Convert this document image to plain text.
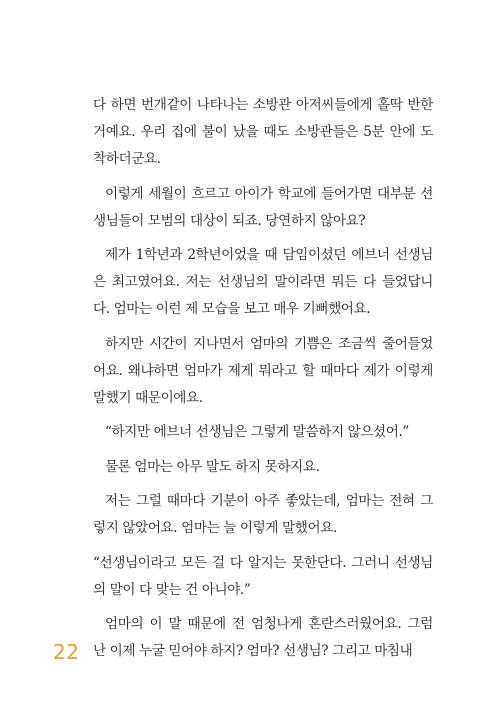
다 하면 번개같이 나타나는 소방관 아저씨들에게 홀딱 반한 거예요. 우리 집에 불이 났을 때도 소방관들은 5분 안에 도착하더군요.

이렇게 세월이 흐르고 아이가 학교에 들어가면 대부분 선생님들이 모범의 대상이 되죠. 당연하지 않아요?

제가 1학년과 2학년이었을 때 담임이셨던 에브너 선생님은 최고였어요. 저는 선생님의 말이라면 뭐든 다 들었답니다. 엄마는 이런 제 모습을 보고 매우 기뻐했어요.

하지만 시간이 지나면서 엄마의 기쁨은 조금씩 줄어들었어요. 왜냐하면 엄마가 제게 뭐라고 할 때마다 제가 이렇게 말했기 때문이에요.

“하지만 에브너 선생님은 그렇게 말씀하지 않으셨어.”

물론 엄마는 아무 말도 하지 못하지요.

저는 그럴 때마다 기분이 아주 좋았는데, 엄마는 전혀 그렇지 않았어요. 엄마는 늘 이렇게 말했어요.

“선생님이라고 모든 걸 다 알지는 못한단다. 그러니 선생님의 말이 다 맞는 건 아니야.”

엄마의 이 말 때문에 전 엄청나게 혼란스러웠어요. 그럼 난 이제 누굴 믿어야 하지? 엄마? 선생님? 그리고 마침내

22
